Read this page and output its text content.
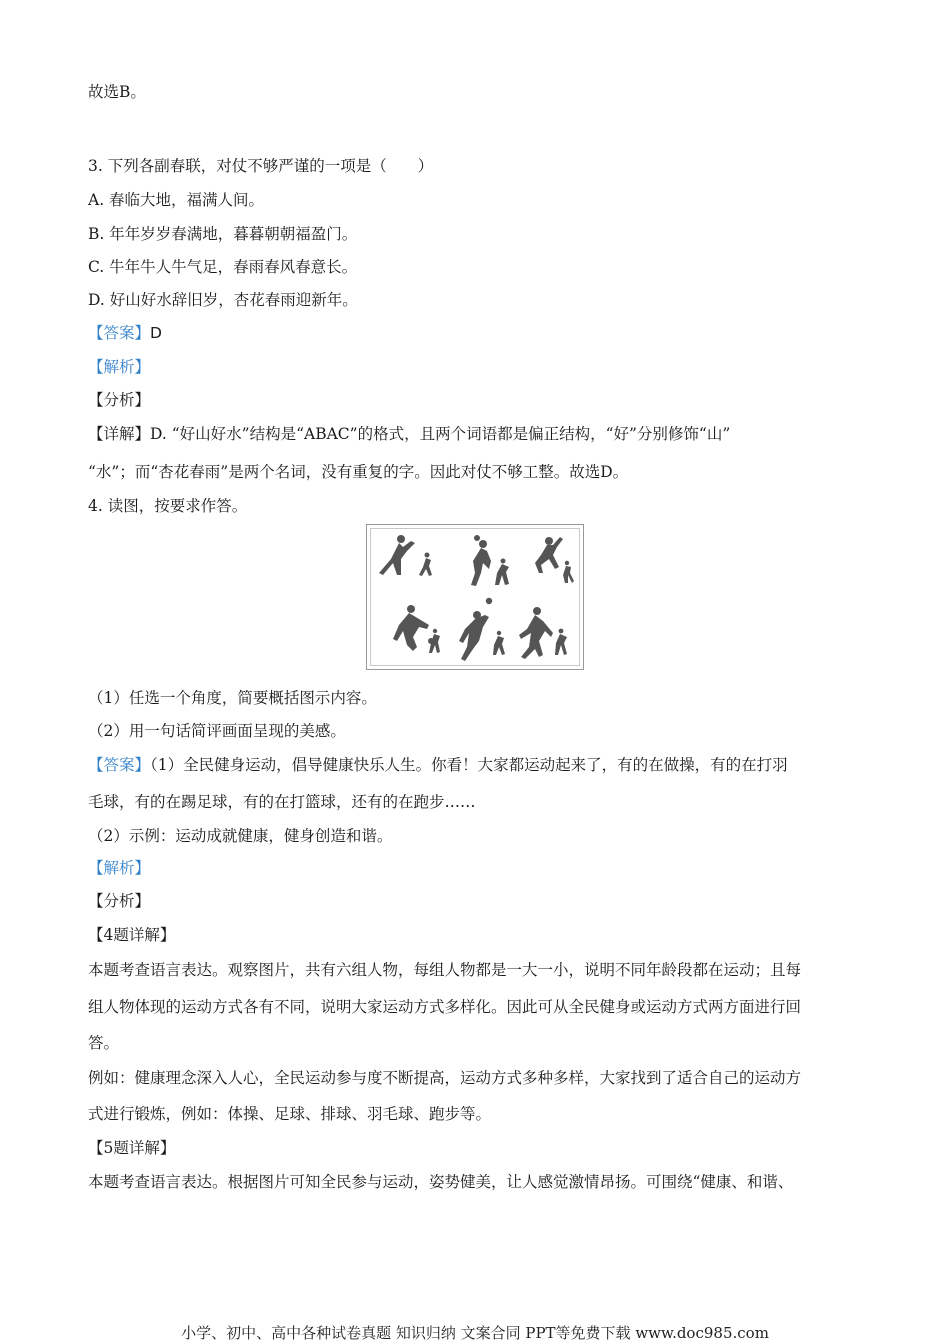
故选B。
3. 下列各副春联，对仗不够严谨的一项是（　　）
A. 春临大地，福满人间。
B. 年年岁岁春满地，暮暮朝朝福盈门。
C. 牛年牛人牛气足，春雨春风春意长。
D. 好山好水辞旧岁，杏花春雨迎新年。
【答案】D
【解析】
【分析】
【详解】D. “好山好水”结构是“ABAC”的格式，且两个词语都是偏正结构，“好”分别修饰“山”
“水”；而“杏花春雨”是两个名词，没有重复的字。因此对仗不够工整。故选D。
4. 读图，按要求作答。
（1）任选一个角度，简要概括图示内容。
（2）用一句话简评画面呈现的美感。
【答案】（1）全民健身运动，倡导健康快乐人生。你看！大家都运动起来了，有的在做操，有的在打羽
毛球，有的在踢足球，有的在打篮球，还有的在跑步……
（2）示例：运动成就健康，健身创造和谐。
【解析】
【分析】
【4题详解】
本题考查语言表达。观察图片，共有六组人物，每组人物都是一大一小，说明不同年龄段都在运动；且每
组人物体现的运动方式各有不同，说明大家运动方式多样化。因此可从全民健身或运动方式两方面进行回
答。
例如：健康理念深入人心，全民运动参与度不断提高，运动方式多种多样，大家找到了适合自己的运动方
式进行锻炼，例如：体操、足球、排球、羽毛球、跑步等。
【5题详解】
本题考查语言表达。根据图片可知全民参与运动，姿势健美，让人感觉激情昂扬。可围绕“健康、和谐、
小学、初中、高中各种试卷真题 知识归纳 文案合同 PPT等免费下载 www.doc985.com
